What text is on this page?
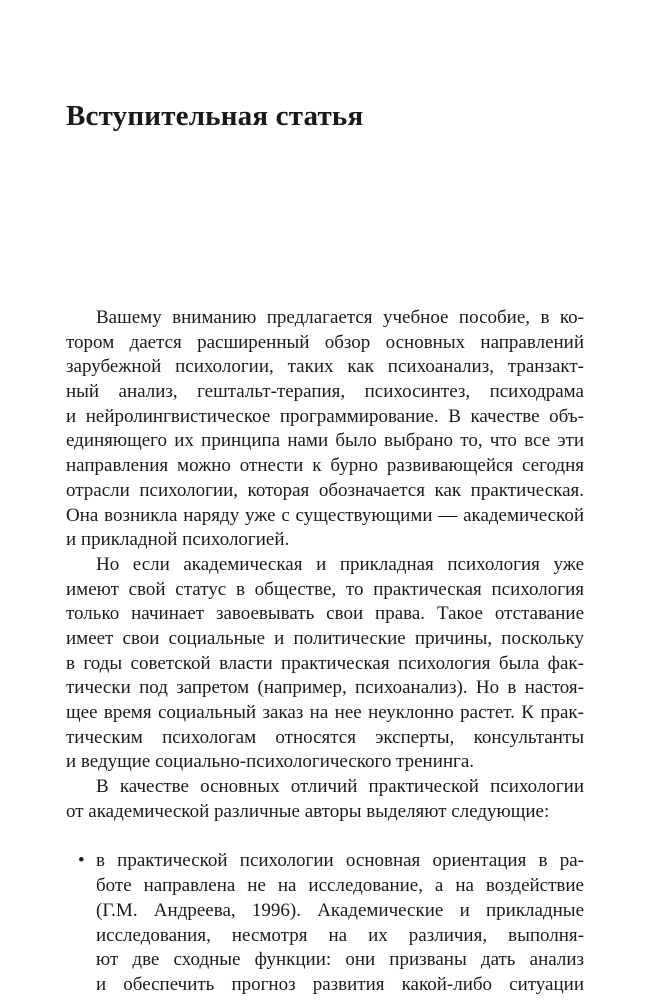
Вступительная статья
Вашему вниманию предлагается учебное пособие, в ко-
тором дается расширенный обзор основных направлений
зарубежной психологии, таких как психоанализ, транзакт-
ный анализ, гештальт-терапия, психосинтез, психодрама
и нейролингвистическое программирование. В качестве объ-
единяющего их принципа нами было выбрано то, что все эти
направления можно отнести к бурно развивающейся сегодня
отрасли психологии, которая обозначается как практическая.
Она возникла наряду уже с существующими — академической
и прикладной психологией.
Но если академическая и прикладная психология уже
имеют свой статус в обществе, то практическая психология
только начинает завоевывать свои права. Такое отставание
имеет свои социальные и политические причины, поскольку
в годы советской власти практическая психология была фак-
тически под запретом (например, психоанализ). Но в настоя-
щее время социальный заказ на нее неуклонно растет. К прак-
тическим психологам относятся эксперты, консультанты
и ведущие социально-психологического тренинга.
В качестве основных отличий практической психологии
от академической различные авторы выделяют следующие:
• в практической психологии основная ориентация в ра-
боте направлена не на исследование, а на воздействие
(Г.М. Андреева, 1996). Академические и прикладные
исследования, несмотря на их различия, выполня-
ют две сходные функции: они призваны дать анализ
и обеспечить прогноз развития какой-либо ситуации
